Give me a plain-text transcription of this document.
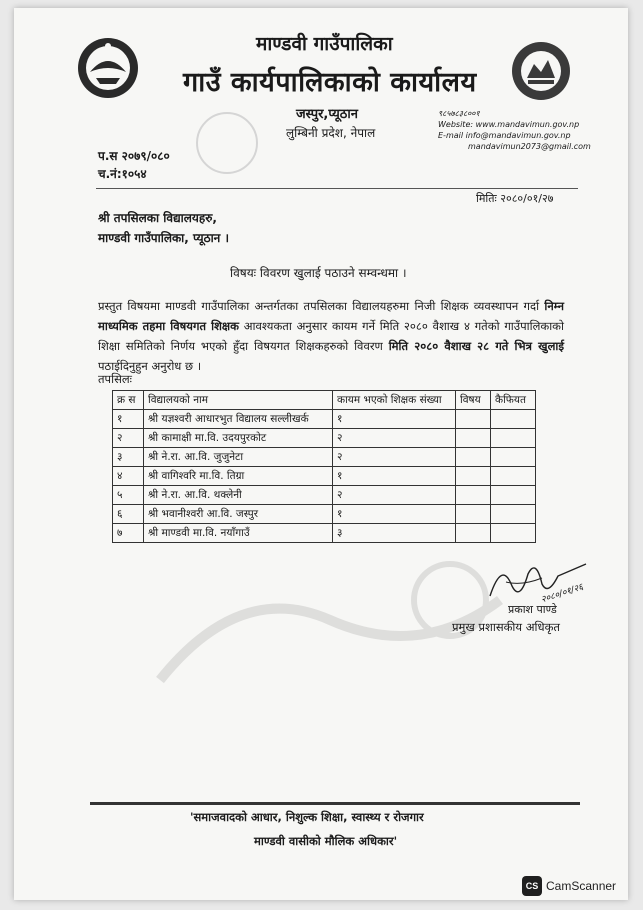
माण्डवी गाउँपालिका
गाउँ कार्यपालिकाको कार्यालय
जस्पुर,प्यूठान
लुम्बिनी प्रदेश, नेपाल
९८५७८३८००१
Website: www.mandavimun.gov.np
E-mail info@mandavimun.gov.np
mandavimun2073@gmail.com
प.स २०७९/०८०
च.नं:१०५४
मितिः २०८०/०१/२७
श्री तपसिलका विद्यालयहरु,
माण्डवी गाउँपालिका, प्यूठान ।
विषयः विवरण खुलाई पठाउने सम्वन्धमा ।
प्रस्तुत विषयमा माण्डवी गाउँपालिका अन्तर्गतका तपसिलका विद्यालयहरुमा निजी शिक्षक व्यवस्थापन गर्दा निम्न माध्यमिक तहमा विषयगत शिक्षक आवश्यकता अनुसार कायम गर्ने मिति २०८० वैशाख ४ गतेको गाउँपालिकाको शिक्षा समितिको निर्णय भएको हुँदा विषयगत शिक्षकहरुको विवरण मिति २०८० वैशाख २८ गते भित्र खुलाई पठाईदिनुहुन अनुरोध छ ।
तपसिलः
क्र स	विद्यालयको नाम	कायम भएको शिक्षक संख्या	विषय	कैफियत
१	श्री यज्ञश्वरी आधारभुत विद्यालय सल्लीखर्क	१		
२	श्री कामाक्षी मा.वि. उदयपुरकोट	२		
३	श्री ने.रा. आ.वि. जुजुनेटा	२		
४	श्री वागिश्वरि मा.वि. तिग्रा	१		
५	श्री ने.रा. आ.वि. थक्लेनी	२		
६	श्री भवानीश्वरी आ.वि. जस्पुर	१		
७	श्री माण्डवी मा.वि. नयाँगाउँ	३		
२०८०/०१/२६
प्रकाश पाण्डे
प्रमुख प्रशासकीय अधिकृत
'समाजवादको आधार, निशुल्क शिक्षा, स्वास्थ्य र रोजगार
माण्डवी वासीको मौलिक अधिकार'
CS CamScanner
